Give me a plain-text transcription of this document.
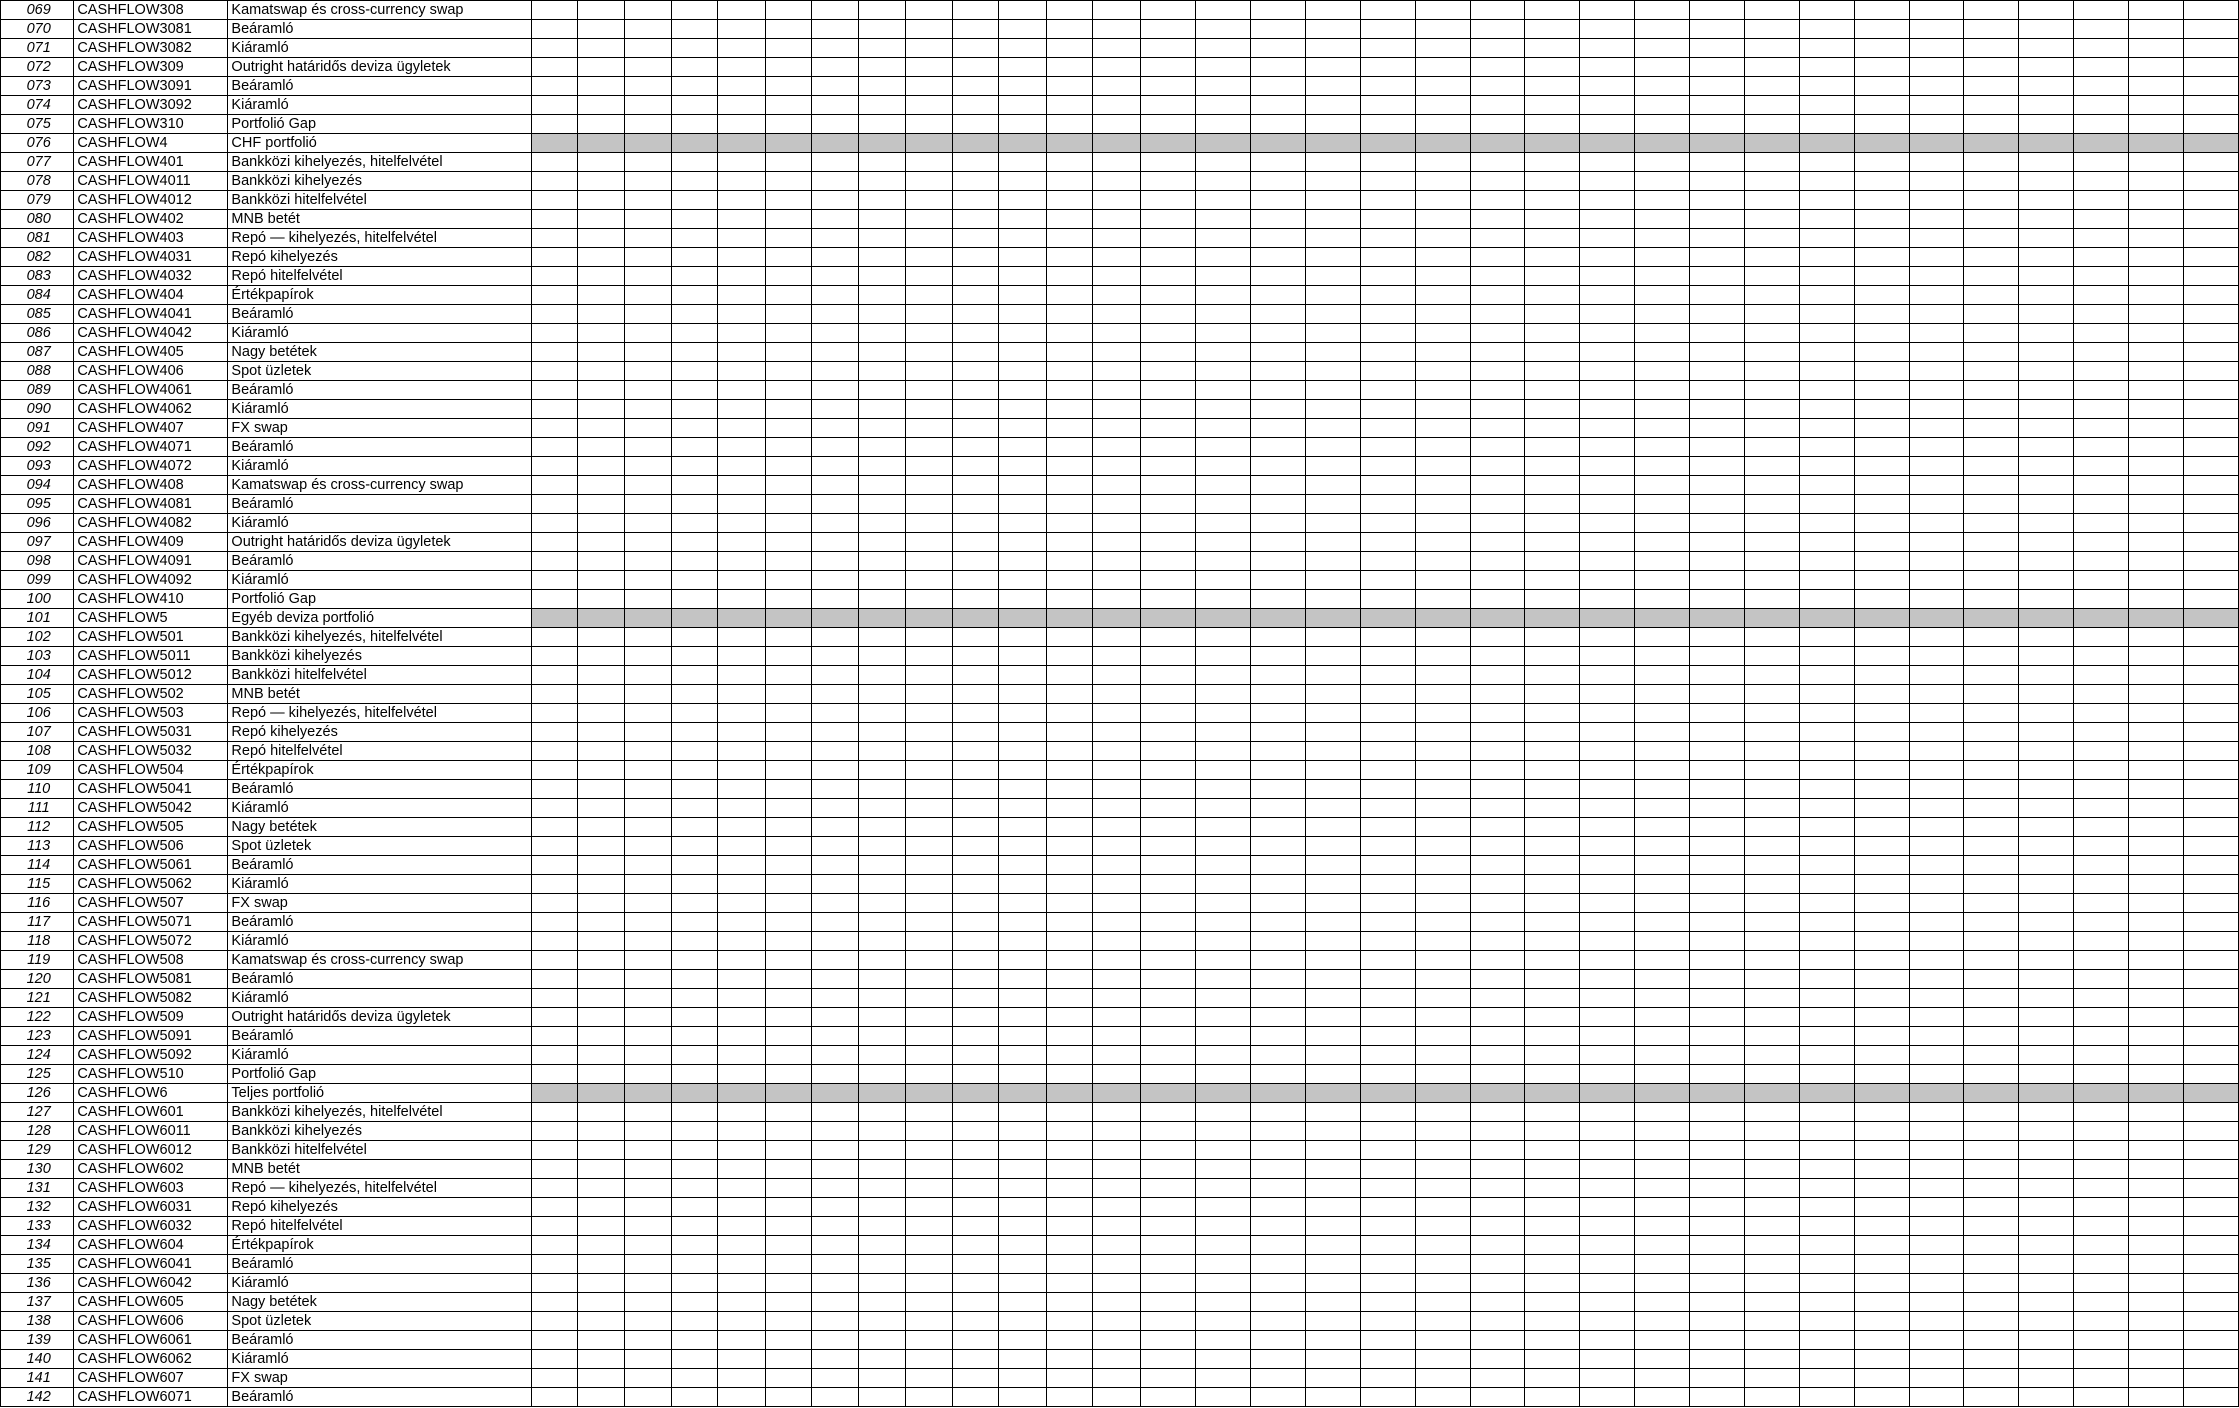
069	CASHFLOW308	Kamatswap és cross-currency swap																																	
070	CASHFLOW3081	Beáramló																																	
071	CASHFLOW3082	Kiáramló																																	
072	CASHFLOW309	Outright határidős deviza ügyletek																																	
073	CASHFLOW3091	Beáramló																																	
074	CASHFLOW3092	Kiáramló																																	
075	CASHFLOW310	Portfolió Gap																																	
076	CASHFLOW4	CHF portfolió																																	
077	CASHFLOW401	Bankközi kihelyezés, hitelfelvétel																																	
078	CASHFLOW4011	Bankközi kihelyezés																																	
079	CASHFLOW4012	Bankközi hitelfelvétel																																	
080	CASHFLOW402	MNB betét																																	
081	CASHFLOW403	Repó — kihelyezés, hitelfelvétel																																	
082	CASHFLOW4031	Repó kihelyezés																																	
083	CASHFLOW4032	Repó hitelfelvétel																																	
084	CASHFLOW404	Értékpapírok																																	
085	CASHFLOW4041	Beáramló																																	
086	CASHFLOW4042	Kiáramló																																	
087	CASHFLOW405	Nagy betétek																																	
088	CASHFLOW406	Spot üzletek																																	
089	CASHFLOW4061	Beáramló																																	
090	CASHFLOW4062	Kiáramló																																	
091	CASHFLOW407	FX swap																																	
092	CASHFLOW4071	Beáramló																																	
093	CASHFLOW4072	Kiáramló																																	
094	CASHFLOW408	Kamatswap és cross-currency swap																																	
095	CASHFLOW4081	Beáramló																																	
096	CASHFLOW4082	Kiáramló																																	
097	CASHFLOW409	Outright határidős deviza ügyletek																																	
098	CASHFLOW4091	Beáramló																																	
099	CASHFLOW4092	Kiáramló																																	
100	CASHFLOW410	Portfolió Gap																																	
101	CASHFLOW5	Egyéb deviza portfolió																																	
102	CASHFLOW501	Bankközi kihelyezés, hitelfelvétel																																	
103	CASHFLOW5011	Bankközi kihelyezés																																	
104	CASHFLOW5012	Bankközi hitelfelvétel																																	
105	CASHFLOW502	MNB betét																																	
106	CASHFLOW503	Repó — kihelyezés, hitelfelvétel																																	
107	CASHFLOW5031	Repó kihelyezés																																	
108	CASHFLOW5032	Repó hitelfelvétel																																	
109	CASHFLOW504	Értékpapírok																																	
110	CASHFLOW5041	Beáramló																																	
111	CASHFLOW5042	Kiáramló																																	
112	CASHFLOW505	Nagy betétek																																	
113	CASHFLOW506	Spot üzletek																																	
114	CASHFLOW5061	Beáramló																																	
115	CASHFLOW5062	Kiáramló																																	
116	CASHFLOW507	FX swap																																	
117	CASHFLOW5071	Beáramló																																	
118	CASHFLOW5072	Kiáramló																																	
119	CASHFLOW508	Kamatswap és cross-currency swap																																	
120	CASHFLOW5081	Beáramló																																	
121	CASHFLOW5082	Kiáramló																																	
122	CASHFLOW509	Outright határidős deviza ügyletek																																	
123	CASHFLOW5091	Beáramló																																	
124	CASHFLOW5092	Kiáramló																																	
125	CASHFLOW510	Portfolió Gap																																	
126	CASHFLOW6	Teljes portfolió																																	
127	CASHFLOW601	Bankközi kihelyezés, hitelfelvétel																																	
128	CASHFLOW6011	Bankközi kihelyezés																																	
129	CASHFLOW6012	Bankközi hitelfelvétel																																	
130	CASHFLOW602	MNB betét																																	
131	CASHFLOW603	Repó — kihelyezés, hitelfelvétel																																	
132	CASHFLOW6031	Repó kihelyezés																																	
133	CASHFLOW6032	Repó hitelfelvétel																																	
134	CASHFLOW604	Értékpapírok																																	
135	CASHFLOW6041	Beáramló																																	
136	CASHFLOW6042	Kiáramló																																	
137	CASHFLOW605	Nagy betétek																																	
138	CASHFLOW606	Spot üzletek																																	
139	CASHFLOW6061	Beáramló																																	
140	CASHFLOW6062	Kiáramló																																	
141	CASHFLOW607	FX swap																																	
142	CASHFLOW6071	Beáramló																																	
